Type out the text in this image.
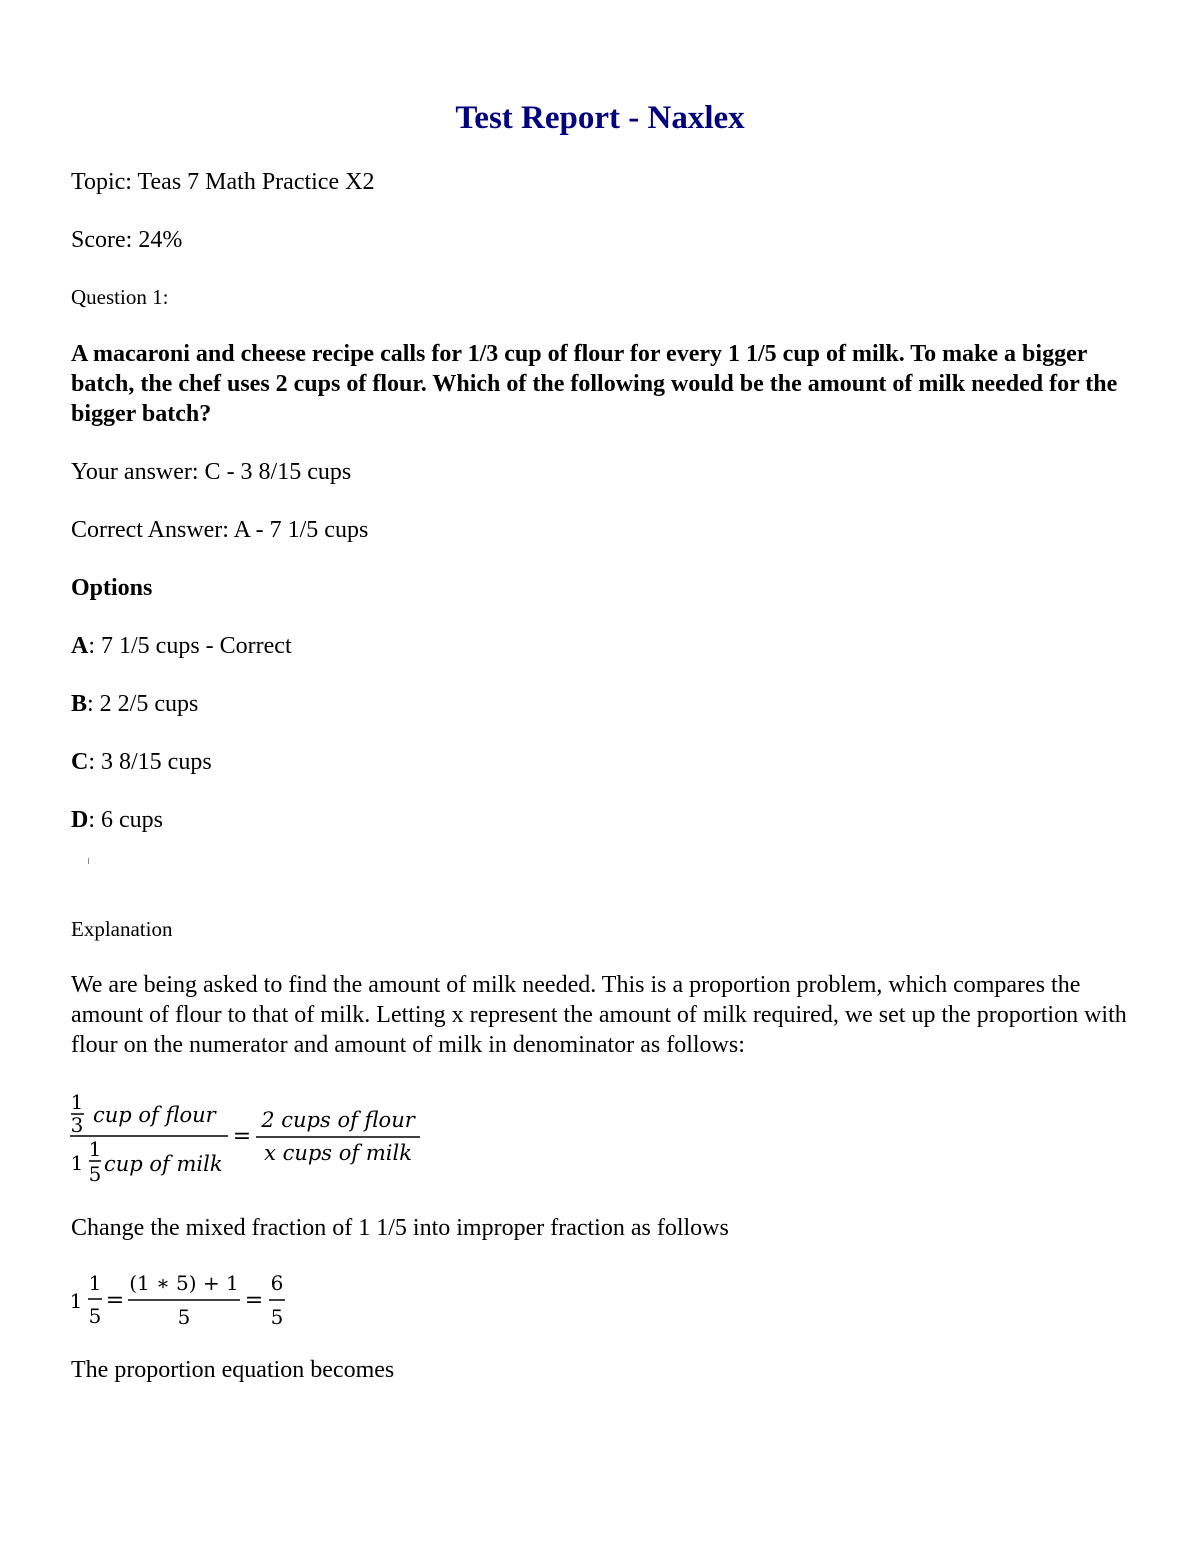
Test Report - Naxlex

Topic: Teas 7 Math Practice X2

Score: 24%

Question 1:

A macaroni and cheese recipe calls for 1/3 cup of flour for every 1 1/5 cup of milk. To make a bigger batch, the chef uses 2 cups of flour. Which of the following would be the amount of milk needed for the bigger batch?

Your answer: C - 3 8/15 cups

Correct Answer: A - 7 1/5 cups

Options

A: 7 1/5 cups - Correct

B: 2 2/5 cups

C: 3 8/15 cups

D: 6 cups

Explanation

We are being asked to find the amount of milk needed. This is a proportion problem, which compares the amount of flour to that of milk. Letting x represent the amount of milk required, we set up the proportion with flour on the numerator and amount of milk in denominator as follows:

1
3 cup of flour
1
1
5 cup of milk
=
2 cups of flour
x cups of milk

Change the mixed fraction of 1 1/5 into improper fraction as follows

1
1
5
=
(1 ∗ 5) + 1
5
=
6
5

The proportion equation becomes
